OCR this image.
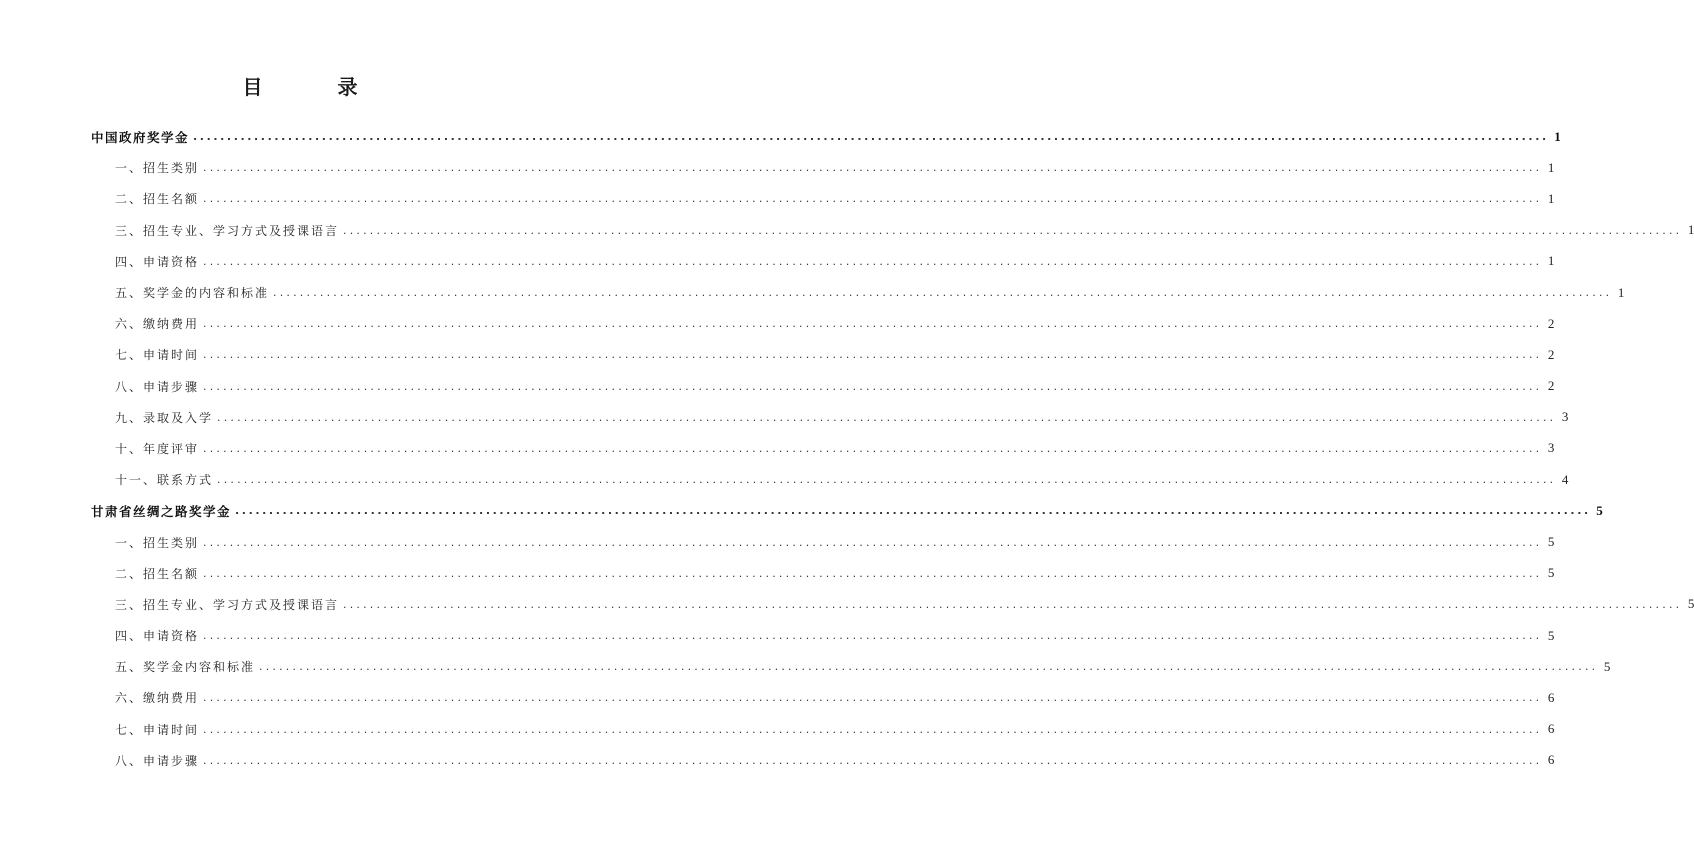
目 录
中国政府奖学金 ........................................................................................................................................................................................................ 1
一、招生类别 ........................................................................................................................................................................................................ 1
二、招生名额 ........................................................................................................................................................................................................ 1
三、招生专业、学习方式及授课语言 ........................................................................................................................................................................................................ 1
四、申请资格 ........................................................................................................................................................................................................ 1
五、奖学金的内容和标准 ........................................................................................................................................................................................................ 1
六、缴纳费用 ........................................................................................................................................................................................................ 2
七、申请时间 ........................................................................................................................................................................................................ 2
八、申请步骤 ........................................................................................................................................................................................................ 2
九、录取及入学 ........................................................................................................................................................................................................ 3
十、年度评审 ........................................................................................................................................................................................................ 3
十一、联系方式 ........................................................................................................................................................................................................ 4
甘肃省丝绸之路奖学金 ........................................................................................................................................................................................................ 5
一、招生类别 ........................................................................................................................................................................................................ 5
二、招生名额 ........................................................................................................................................................................................................ 5
三、招生专业、学习方式及授课语言 ........................................................................................................................................................................................................ 5
四、申请资格 ........................................................................................................................................................................................................ 5
五、奖学金内容和标准 ........................................................................................................................................................................................................ 5
六、缴纳费用 ........................................................................................................................................................................................................ 6
七、申请时间 ........................................................................................................................................................................................................ 6
八、申请步骤 ........................................................................................................................................................................................................ 6
